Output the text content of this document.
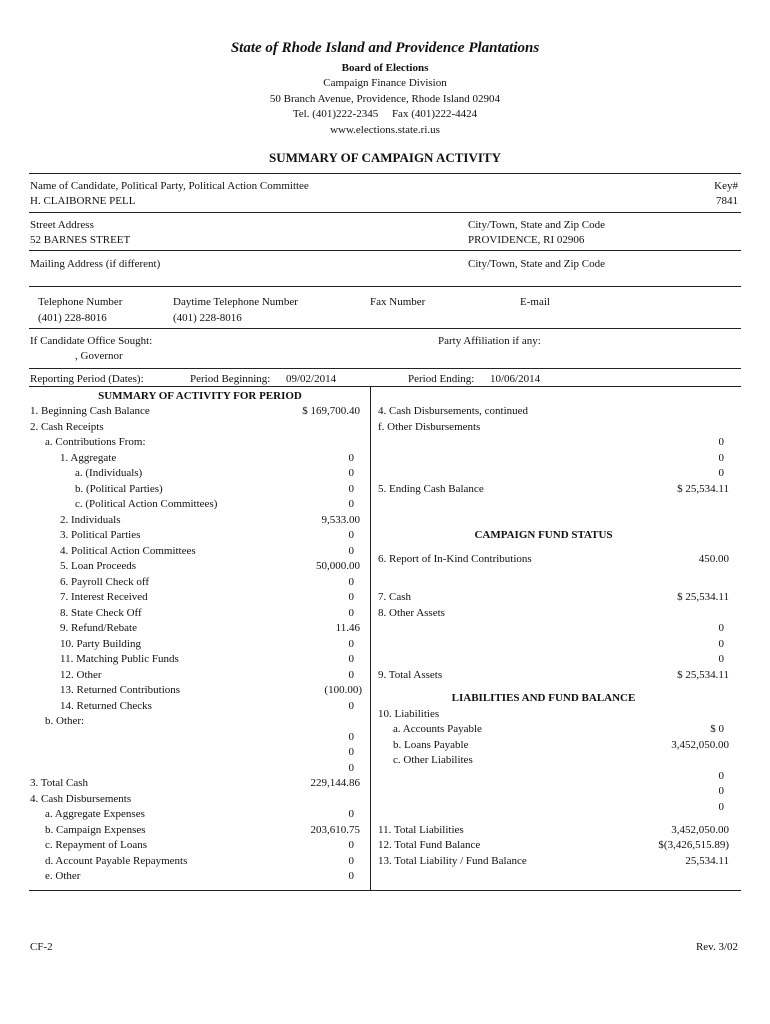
State of Rhode Island and Providence Plantations
Board of Elections
Campaign Finance Division
50 Branch Avenue, Providence, Rhode Island 02904
Tel. (401)222-2345     Fax (401)222-4424
www.elections.state.ri.us
SUMMARY OF CAMPAIGN ACTIVITY
Name of Candidate, Political Party, Political Action Committee
H. CLAIBORNE PELL
Key#
7841
Street Address
52 BARNES STREET
City/Town, State and Zip Code
PROVIDENCE, RI 02906
Mailing Address (if different)	City/Town, State and Zip Code
Telephone Number
(401) 228-8016
Daytime Telephone Number
(401) 228-8016
Fax Number	E-mail
If Candidate Office Sought:
, Governor
Party Affiliation if any:
Reporting Period (Dates):	Period Beginning: 09/02/2014	Period Ending: 10/06/2014
SUMMARY OF ACTIVITY FOR PERIOD
1. Beginning Cash Balance	$ 169,700.40
2. Cash Receipts
a. Contributions From:
1. Aggregate	0
a. (Individuals)	0
b. (Political Parties)	0
c. (Political Action Committees)	0
2. Individuals	9,533.00
3. Political Parties	0
4. Political Action Committees	0
5. Loan Proceeds	50,000.00
6. Payroll Check off	0
7. Interest Received	0
8. State Check Off	0
9. Refund/Rebate	11.46
10. Party Building	0
11. Matching Public Funds	0
12. Other	0
13. Returned Contributions	(100.00)
14. Returned Checks	0
b. Other:
0
0
0
3. Total Cash	229,144.86
4. Cash Disbursements
a. Aggregate Expenses	0
b. Campaign Expenses	203,610.75
c. Repayment of Loans	0
d. Account Payable Repayments	0
e. Other	0
4. Cash Disbursements, continued
f. Other Disbursements
0
0
0
5. Ending Cash Balance	$ 25,534.11
CAMPAIGN FUND STATUS
6. Report of In-Kind Contributions	450.00
7. Cash	$ 25,534.11
8. Other Assets
0
0
0
9. Total Assets	$ 25,534.11
LIABILITIES AND FUND BALANCE
10. Liabilities
a. Accounts Payable	$ 0
b. Loans Payable	3,452,050.00
c. Other Liabilites
0
0
0
11. Total Liabilities	3,452,050.00
12. Total Fund Balance	$(3,426,515.89)
13. Total Liability / Fund Balance	25,534.11
CF-2	Rev. 3/02
